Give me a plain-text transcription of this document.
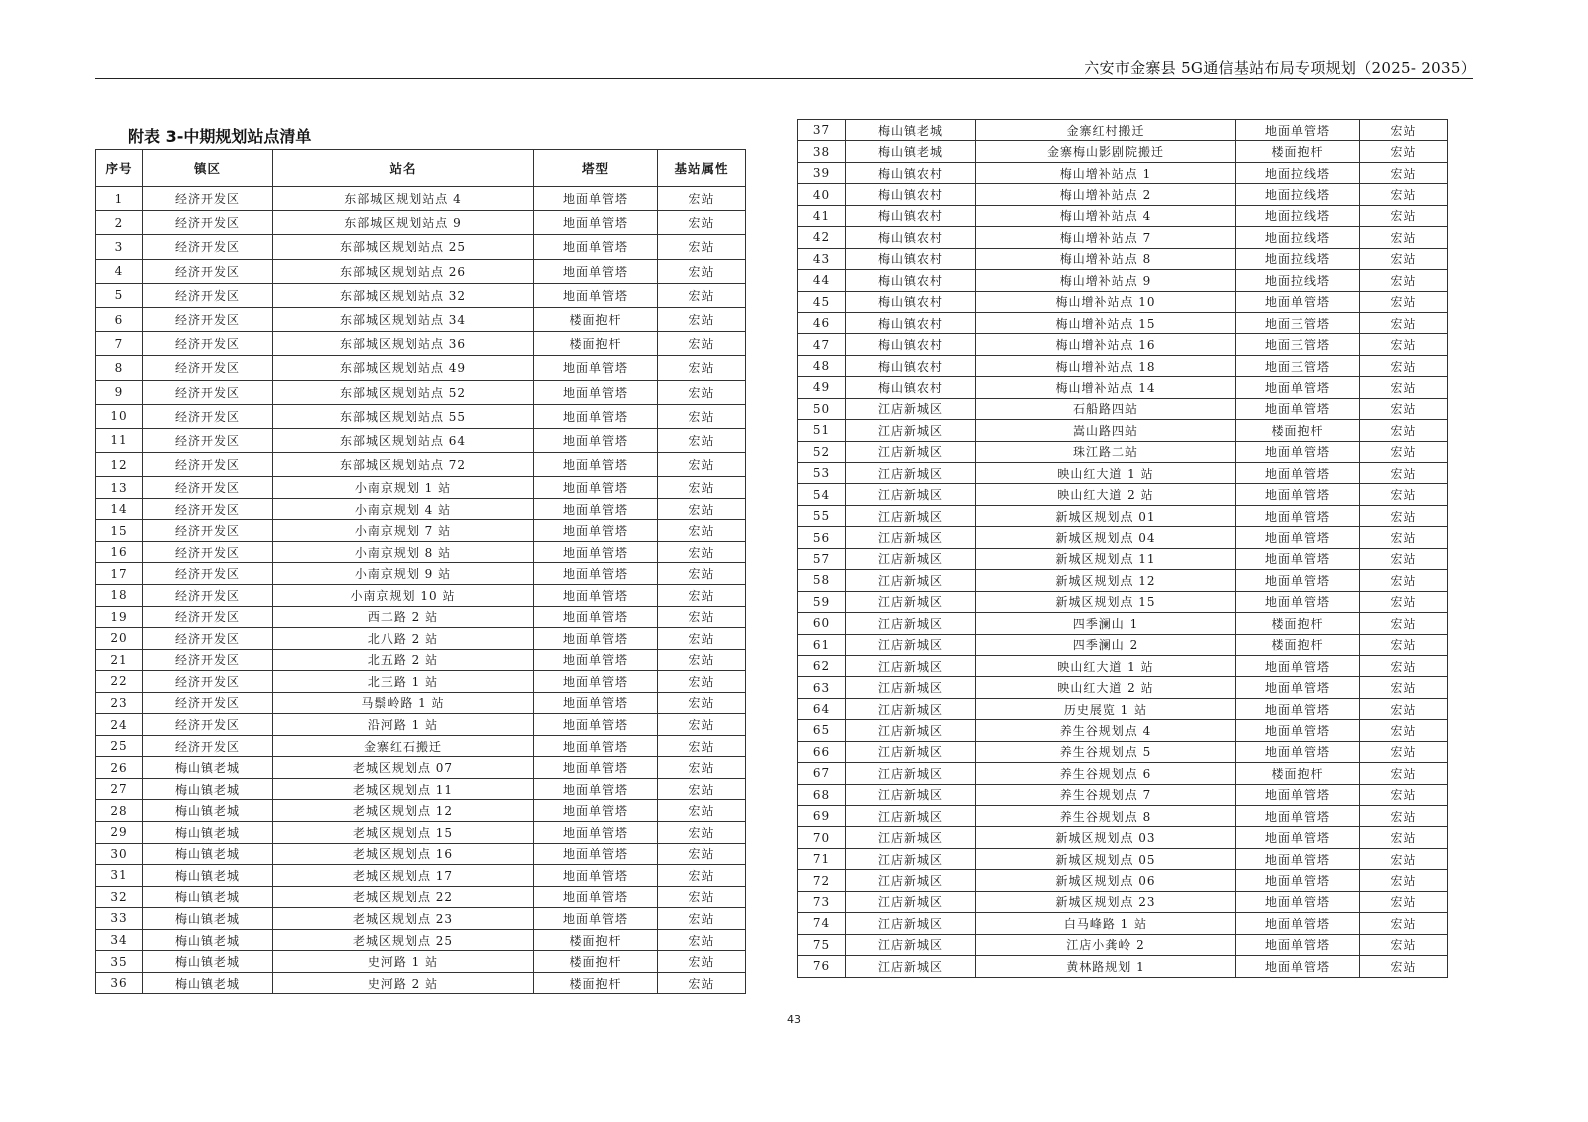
六安市金寨县 5G通信基站布局专项规划（2025- 2035）
附表 3-中期规划站点清单
序号	镇区	站名	塔型	基站属性
1	经济开发区	东部城区规划站点 4	地面单管塔	宏站
2	经济开发区	东部城区规划站点 9	地面单管塔	宏站
3	经济开发区	东部城区规划站点 25	地面单管塔	宏站
4	经济开发区	东部城区规划站点 26	地面单管塔	宏站
5	经济开发区	东部城区规划站点 32	地面单管塔	宏站
6	经济开发区	东部城区规划站点 34	楼面抱杆	宏站
7	经济开发区	东部城区规划站点 36	楼面抱杆	宏站
8	经济开发区	东部城区规划站点 49	地面单管塔	宏站
9	经济开发区	东部城区规划站点 52	地面单管塔	宏站
10	经济开发区	东部城区规划站点 55	地面单管塔	宏站
11	经济开发区	东部城区规划站点 64	地面单管塔	宏站
12	经济开发区	东部城区规划站点 72	地面单管塔	宏站
13	经济开发区	小南京规划 1 站	地面单管塔	宏站
14	经济开发区	小南京规划 4 站	地面单管塔	宏站
15	经济开发区	小南京规划 7 站	地面单管塔	宏站
16	经济开发区	小南京规划 8 站	地面单管塔	宏站
17	经济开发区	小南京规划 9 站	地面单管塔	宏站
18	经济开发区	小南京规划 10 站	地面单管塔	宏站
19	经济开发区	西二路 2 站	地面单管塔	宏站
20	经济开发区	北八路 2 站	地面单管塔	宏站
21	经济开发区	北五路 2 站	地面单管塔	宏站
22	经济开发区	北三路 1 站	地面单管塔	宏站
23	经济开发区	马鬃岭路 1 站	地面单管塔	宏站
24	经济开发区	沿河路 1 站	地面单管塔	宏站
25	经济开发区	金寨红石搬迁	地面单管塔	宏站
26	梅山镇老城	老城区规划点 07	地面单管塔	宏站
27	梅山镇老城	老城区规划点 11	地面单管塔	宏站
28	梅山镇老城	老城区规划点 12	地面单管塔	宏站
29	梅山镇老城	老城区规划点 15	地面单管塔	宏站
30	梅山镇老城	老城区规划点 16	地面单管塔	宏站
31	梅山镇老城	老城区规划点 17	地面单管塔	宏站
32	梅山镇老城	老城区规划点 22	地面单管塔	宏站
33	梅山镇老城	老城区规划点 23	地面单管塔	宏站
34	梅山镇老城	老城区规划点 25	楼面抱杆	宏站
35	梅山镇老城	史河路 1 站	楼面抱杆	宏站
36	梅山镇老城	史河路 2 站	楼面抱杆	宏站
37	梅山镇老城	金寨红村搬迁	地面单管塔	宏站
38	梅山镇老城	金寨梅山影剧院搬迁	楼面抱杆	宏站
39	梅山镇农村	梅山增补站点 1	地面拉线塔	宏站
40	梅山镇农村	梅山增补站点 2	地面拉线塔	宏站
41	梅山镇农村	梅山增补站点 4	地面拉线塔	宏站
42	梅山镇农村	梅山增补站点 7	地面拉线塔	宏站
43	梅山镇农村	梅山增补站点 8	地面拉线塔	宏站
44	梅山镇农村	梅山增补站点 9	地面拉线塔	宏站
45	梅山镇农村	梅山增补站点 10	地面单管塔	宏站
46	梅山镇农村	梅山增补站点 15	地面三管塔	宏站
47	梅山镇农村	梅山增补站点 16	地面三管塔	宏站
48	梅山镇农村	梅山增补站点 18	地面三管塔	宏站
49	梅山镇农村	梅山增补站点 14	地面单管塔	宏站
50	江店新城区	石船路四站	地面单管塔	宏站
51	江店新城区	嵩山路四站	楼面抱杆	宏站
52	江店新城区	珠江路二站	地面单管塔	宏站
53	江店新城区	映山红大道 1 站	地面单管塔	宏站
54	江店新城区	映山红大道 2 站	地面单管塔	宏站
55	江店新城区	新城区规划点 01	地面单管塔	宏站
56	江店新城区	新城区规划点 04	地面单管塔	宏站
57	江店新城区	新城区规划点 11	地面单管塔	宏站
58	江店新城区	新城区规划点 12	地面单管塔	宏站
59	江店新城区	新城区规划点 15	地面单管塔	宏站
60	江店新城区	四季澜山 1	楼面抱杆	宏站
61	江店新城区	四季澜山 2	楼面抱杆	宏站
62	江店新城区	映山红大道 1 站	地面单管塔	宏站
63	江店新城区	映山红大道 2 站	地面单管塔	宏站
64	江店新城区	历史展览 1 站	地面单管塔	宏站
65	江店新城区	养生谷规划点 4	地面单管塔	宏站
66	江店新城区	养生谷规划点 5	地面单管塔	宏站
67	江店新城区	养生谷规划点 6	楼面抱杆	宏站
68	江店新城区	养生谷规划点 7	地面单管塔	宏站
69	江店新城区	养生谷规划点 8	地面单管塔	宏站
70	江店新城区	新城区规划点 03	地面单管塔	宏站
71	江店新城区	新城区规划点 05	地面单管塔	宏站
72	江店新城区	新城区规划点 06	地面单管塔	宏站
73	江店新城区	新城区规划点 23	地面单管塔	宏站
74	江店新城区	白马峰路 1 站	地面单管塔	宏站
75	江店新城区	江店小龚岭 2	地面单管塔	宏站
76	江店新城区	黄林路规划 1	地面单管塔	宏站
43
